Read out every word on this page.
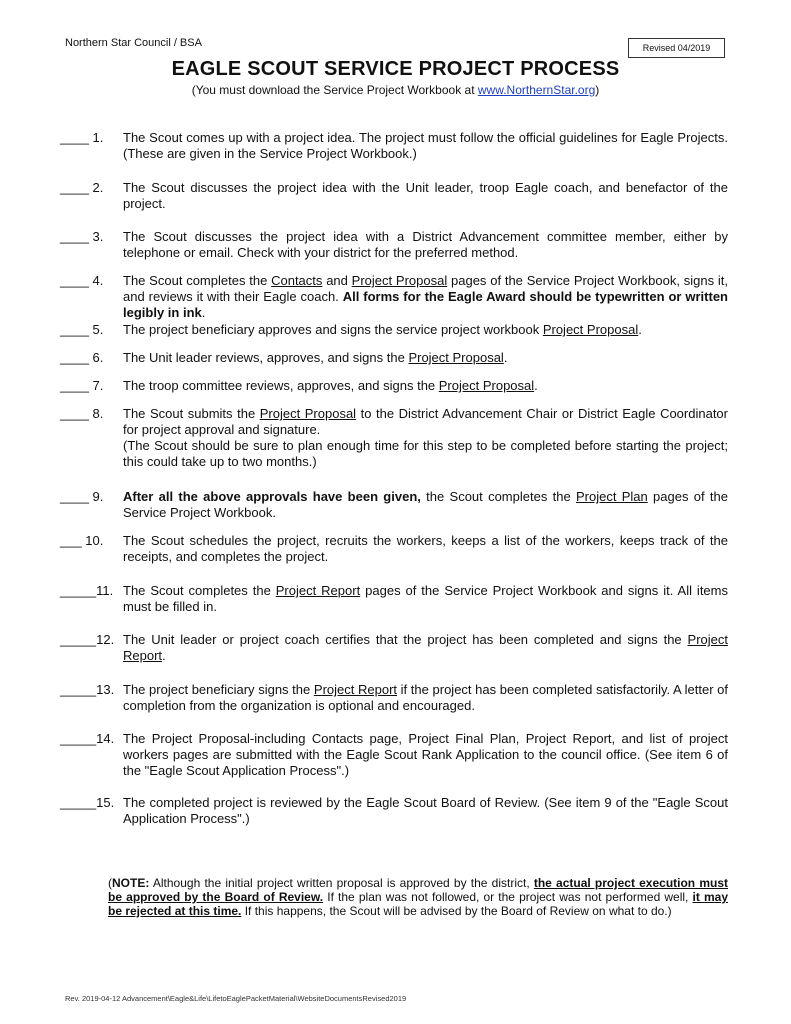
Northern Star Council / BSA	Revised 04/2019
EAGLE SCOUT SERVICE PROJECT PROCESS
(You must download the Service Project Workbook at www.NorthernStar.org)
____ 1. The Scout comes up with a project idea. The project must follow the official guidelines for Eagle Projects. (These are given in the Service Project Workbook.)
____ 2. The Scout discusses the project idea with the Unit leader, troop Eagle coach, and benefactor of the project.
____ 3. The Scout discusses the project idea with a District Advancement committee member, either by telephone or email. Check with your district for the preferred method.
____ 4. The Scout completes the Contacts and Project Proposal pages of the Service Project Workbook, signs it, and reviews it with their Eagle coach. All forms for the Eagle Award should be typewritten or written legibly in ink.
____ 5. The project beneficiary approves and signs the service project workbook Project Proposal.
____ 6. The Unit leader reviews, approves, and signs the Project Proposal.
____ 7. The troop committee reviews, approves, and signs the Project Proposal.
____ 8. The Scout submits the Project Proposal to the District Advancement Chair or District Eagle Coordinator for project approval and signature.
(The Scout should be sure to plan enough time for this step to be completed before starting the project; this could take up to two months.)
____ 9. After all the above approvals have been given, the Scout completes the Project Plan pages of the Service Project Workbook.
___ 10. The Scout schedules the project, recruits the workers, keeps a list of the workers, keeps track of the receipts, and completes the project.
_____11. The Scout completes the Project Report pages of the Service Project Workbook and signs it. All items must be filled in.
_____12. The Unit leader or project coach certifies that the project has been completed and signs the Project Report.
_____13. The project beneficiary signs the Project Report if the project has been completed satisfactorily. A letter of completion from the organization is optional and encouraged.
_____14. The Project Proposal-including Contacts page, Project Final Plan, Project Report, and list of project workers pages are submitted with the Eagle Scout Rank Application to the council office. (See item 6 of the "Eagle Scout Application Process".)
_____15. The completed project is reviewed by the Eagle Scout Board of Review. (See item 9 of the "Eagle Scout Application Process".)
(NOTE: Although the initial project written proposal is approved by the district, the actual project execution must be approved by the Board of Review. If the plan was not followed, or the project was not performed well, it may be rejected at this time. If this happens, the Scout will be advised by the Board of Review on what to do.)
Rev. 2019-04-12 Advancement\Eagle&Life\LifetoEaglePacketMaterial\WebsiteDocumentsRevised2019
